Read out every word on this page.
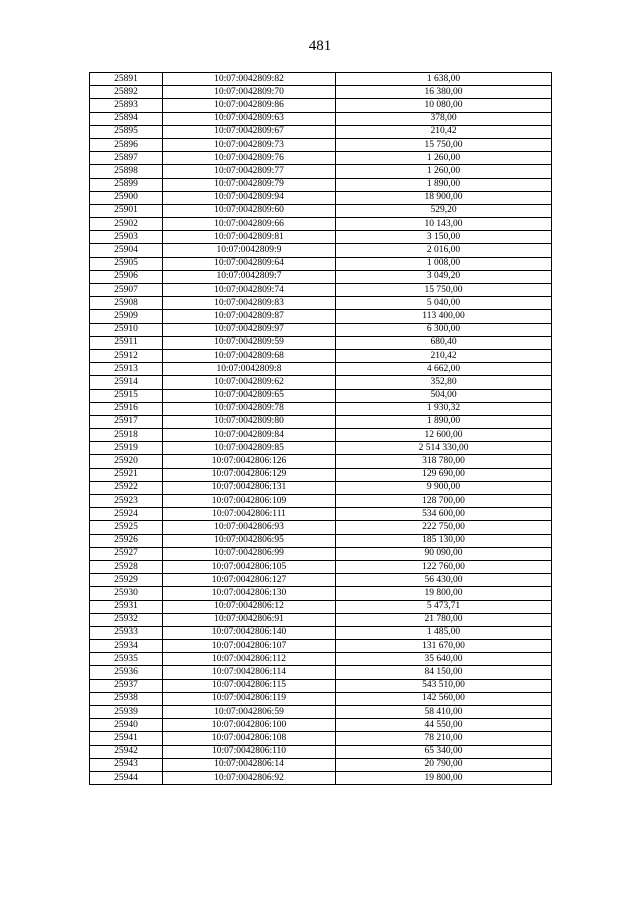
481
25891	10:07:0042809:82	1 638,00
25892	10:07:0042809:70	16 380,00
25893	10:07:0042809:86	10 080,00
25894	10:07:0042809:63	378,00
25895	10:07:0042809:67	210,42
25896	10:07:0042809:73	15 750,00
25897	10:07:0042809:76	1 260,00
25898	10:07:0042809:77	1 260,00
25899	10:07:0042809:79	1 890,00
25900	10:07:0042809:94	18 900,00
25901	10:07:0042809:60	529,20
25902	10:07:0042809:66	10 143,00
25903	10:07:0042809:81	3 150,00
25904	10:07:0042809:9	2 016,00
25905	10:07:0042809:64	1 008,00
25906	10:07:0042809:7	3 049,20
25907	10:07:0042809:74	15 750,00
25908	10:07:0042809:83	5 040,00
25909	10:07:0042809:87	113 400,00
25910	10:07:0042809:97	6 300,00
25911	10:07:0042809:59	680,40
25912	10:07:0042809:68	210,42
25913	10:07:0042809:8	4 662,00
25914	10:07:0042809:62	352,80
25915	10:07:0042809:65	504,00
25916	10:07:0042809:78	1 930,32
25917	10:07:0042809:80	1 890,00
25918	10:07:0042809:84	12 600,00
25919	10:07:0042809:85	2 514 330,00
25920	10:07:0042806:126	318 780,00
25921	10:07:0042806:129	129 690,00
25922	10:07:0042806:131	9 900,00
25923	10:07:0042806:109	128 700,00
25924	10:07:0042806:111	534 600,00
25925	10:07:0042806:93	222 750,00
25926	10:07:0042806:95	185 130,00
25927	10:07:0042806:99	90 090,00
25928	10:07:0042806:105	122 760,00
25929	10:07:0042806:127	56 430,00
25930	10:07:0042806:130	19 800,00
25931	10:07:0042806:12	5 473,71
25932	10:07:0042806:91	21 780,00
25933	10:07:0042806:140	1 485,00
25934	10:07:0042806:107	131 670,00
25935	10:07:0042806:112	35 640,00
25936	10:07:0042806:114	84 150,00
25937	10:07:0042806:115	543 510,00
25938	10:07:0042806:119	142 560,00
25939	10:07:0042806:59	58 410,00
25940	10:07:0042806:100	44 550,00
25941	10:07:0042806:108	78 210,00
25942	10:07:0042806:110	65 340,00
25943	10:07:0042806:14	20 790,00
25944	10:07:0042806:92	19 800,00
